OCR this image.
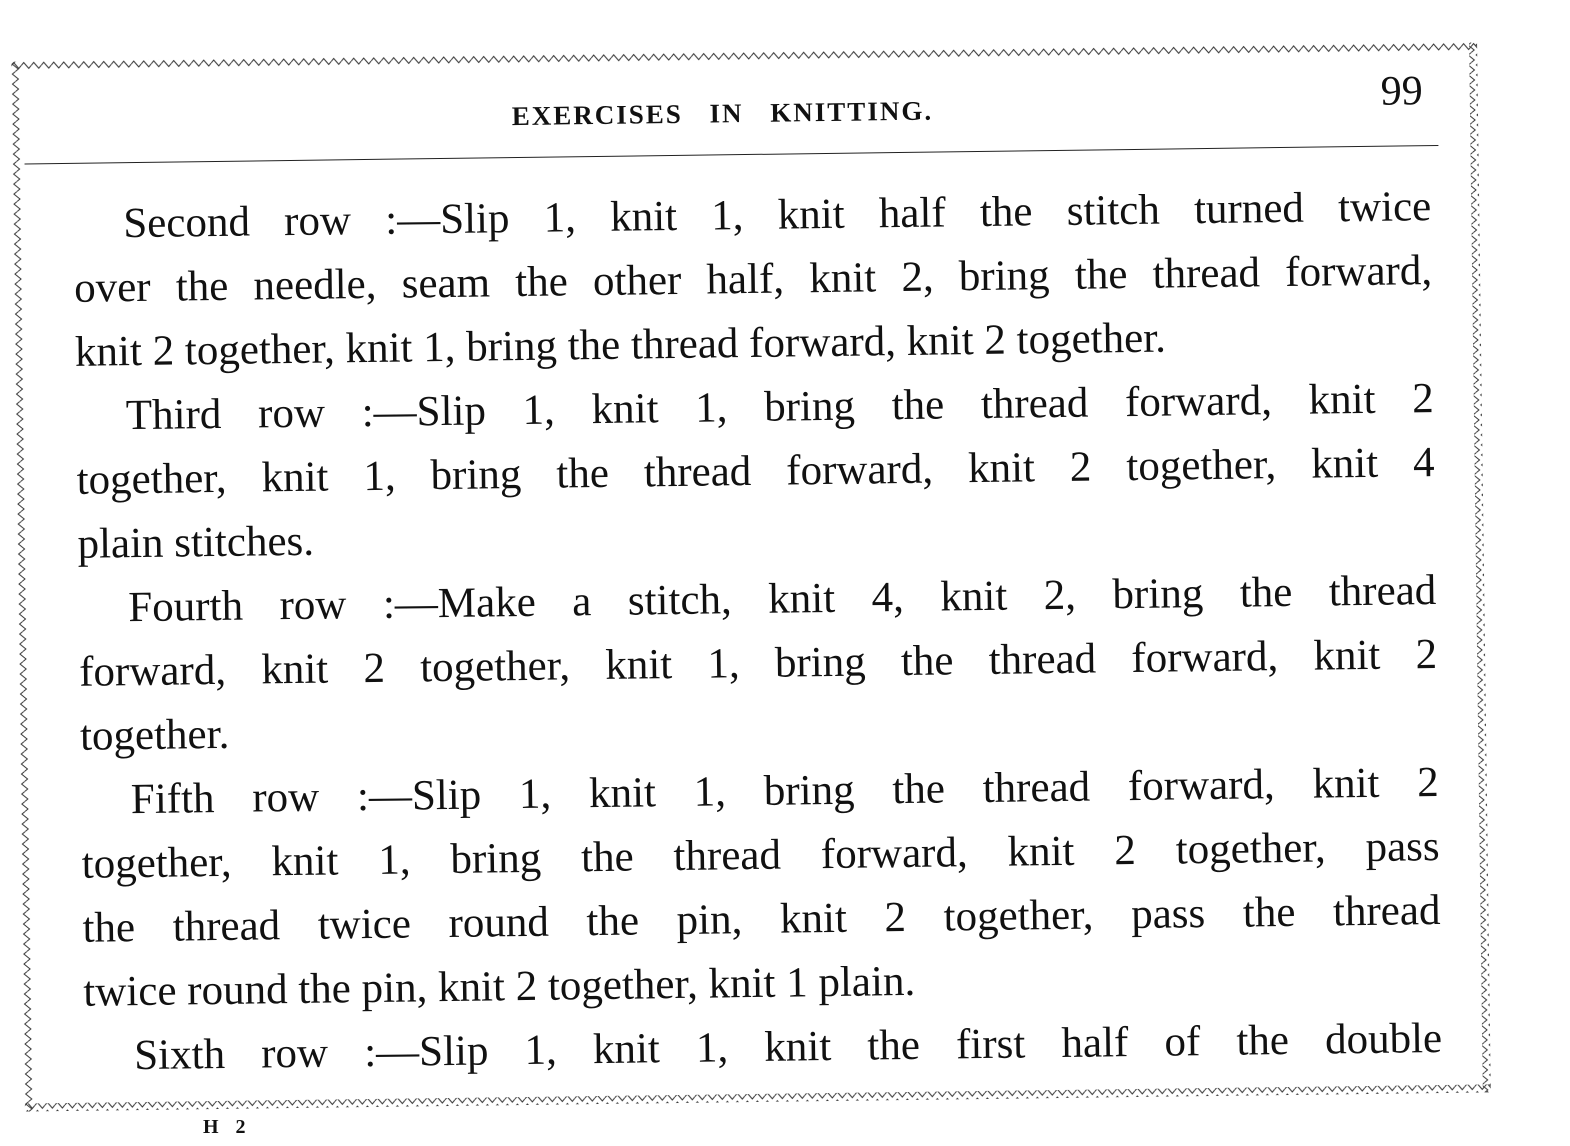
EXERCISES IN KNITTING.	99
Second row :—Slip 1, knit 1, knit half the stitch turned twice
over the needle, seam the other half, knit 2, bring the thread forward,
knit 2 together, knit 1, bring the thread forward, knit 2 together.
Third row :—Slip 1, knit 1, bring the thread forward, knit 2
together, knit 1, bring the thread forward, knit 2 together, knit 4
plain stitches.
Fourth row :—Make a stitch, knit 4, knit 2, bring the thread
forward, knit 2 together, knit 1, bring the thread forward, knit 2
together.
Fifth row :—Slip 1, knit 1, bring the thread forward, knit 2
together, knit 1, bring the thread forward, knit 2 together, pass
the thread twice round the pin, knit 2 together, pass the thread
twice round the pin, knit 2 together, knit 1 plain.
Sixth row :—Slip 1, knit 1, knit the first half of the double
H 2
